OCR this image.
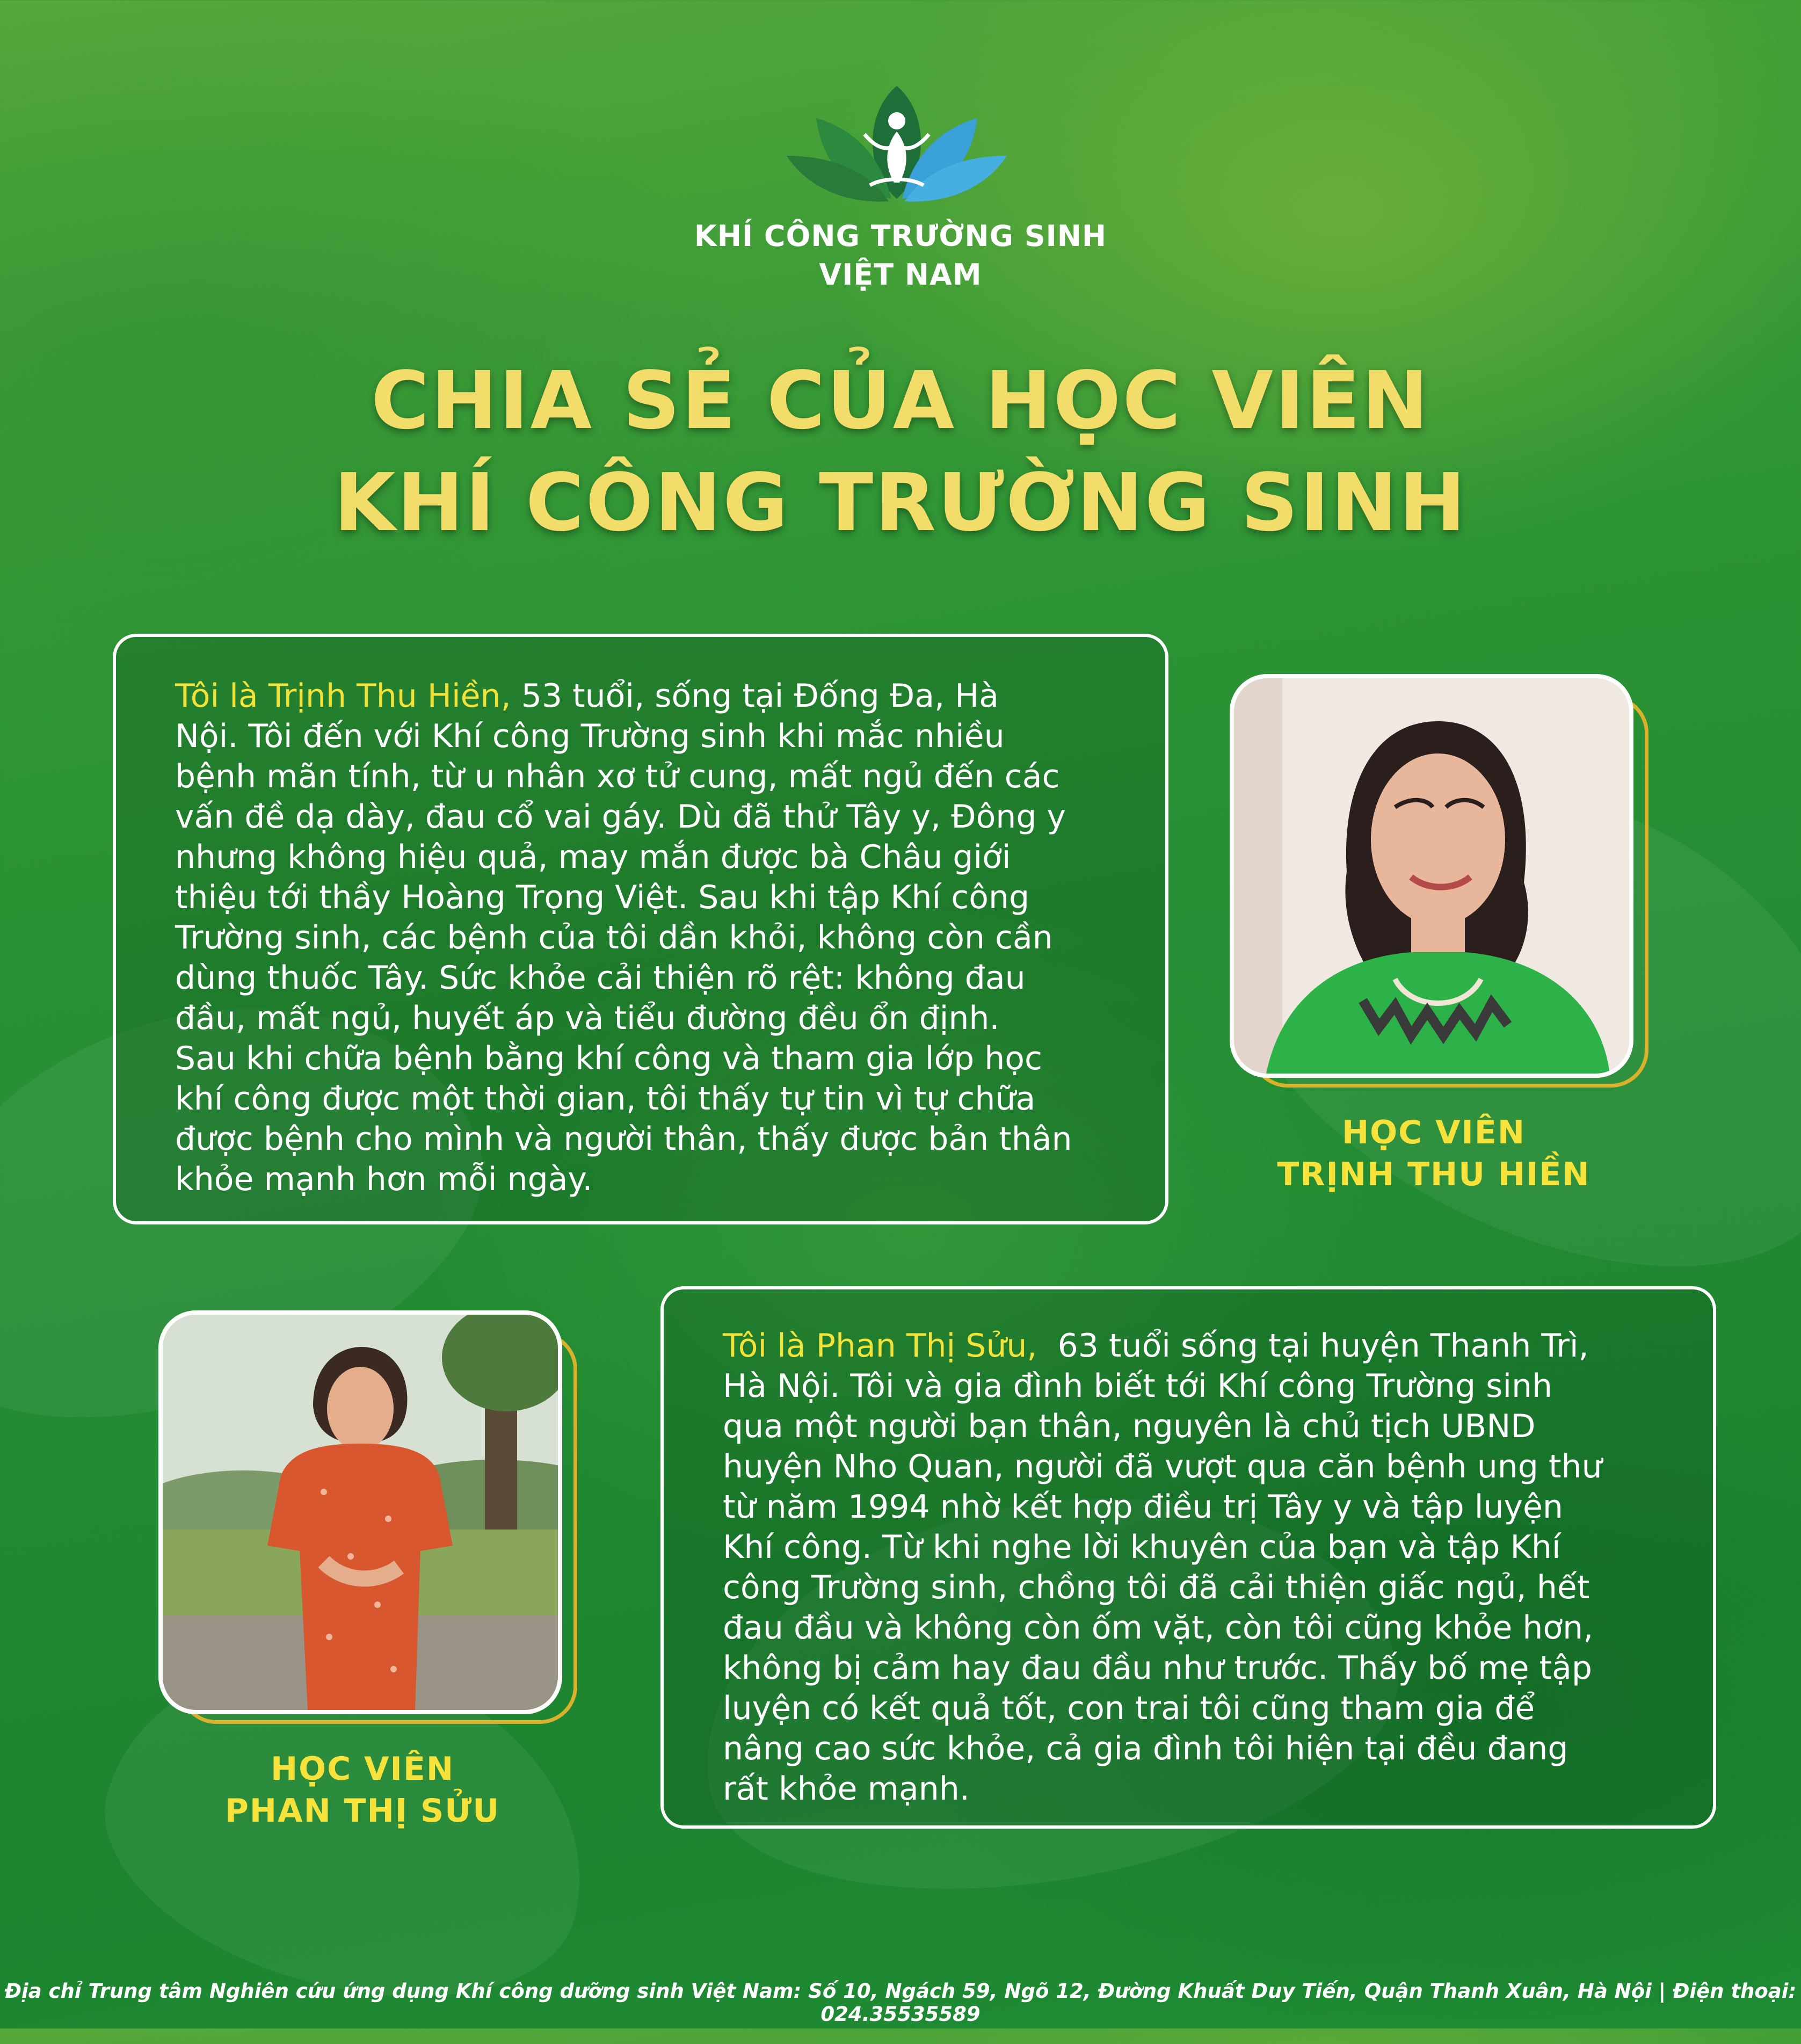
KHÍ CÔNG TRƯỜNG SINH
VIỆT NAM
CHIA SẺ CỦA HỌC VIÊN
KHÍ CÔNG TRƯỜNG SINH
Tôi là Trịnh Thu Hiền, 53 tuổi, sống tại Đống Đa, Hà
Nội. Tôi đến với Khí công Trường sinh khi mắc nhiều
bệnh mãn tính, từ u nhân xơ tử cung, mất ngủ đến các
vấn đề dạ dày, đau cổ vai gáy. Dù đã thử Tây y, Đông y
nhưng không hiệu quả, may mắn được bà Châu giới
thiệu tới thầy Hoàng Trọng Việt. Sau khi tập Khí công
Trường sinh, các bệnh của tôi dần khỏi, không còn cần
dùng thuốc Tây. Sức khỏe cải thiện rõ rệt: không đau
đầu, mất ngủ, huyết áp và tiểu đường đều ổn định.
Sau khi chữa bệnh bằng khí công và tham gia lớp học
khí công được một thời gian, tôi thấy tự tin vì tự chữa
được bệnh cho mình và người thân, thấy được bản thân
khỏe mạnh hơn mỗi ngày.
HỌC VIÊN
TRỊNH THU HIỀN
HỌC VIÊN
PHAN THỊ SỬU
Tôi là Phan Thị Sửu,  63 tuổi sống tại huyện Thanh Trì,
Hà Nội. Tôi và gia đình biết tới Khí công Trường sinh
qua một người bạn thân, nguyên là chủ tịch UBND
huyện Nho Quan, người đã vượt qua căn bệnh ung thư
từ năm 1994 nhờ kết hợp điều trị Tây y và tập luyện
Khí công. Từ khi nghe lời khuyên của bạn và tập Khí
công Trường sinh, chồng tôi đã cải thiện giấc ngủ, hết
đau đầu và không còn ốm vặt, còn tôi cũng khỏe hơn,
không bị cảm hay đau đầu như trước. Thấy bố mẹ tập
luyện có kết quả tốt, con trai tôi cũng tham gia để
nâng cao sức khỏe, cả gia đình tôi hiện tại đều đang
rất khỏe mạnh.
Địa chỉ Trung tâm Nghiên cứu ứng dụng Khí công dưỡng sinh Việt Nam: Số 10, Ngách 59, Ngõ 12, Đường Khuất Duy Tiến, Quận Thanh Xuân, Hà Nội | Điện thoại: 024.35535589
